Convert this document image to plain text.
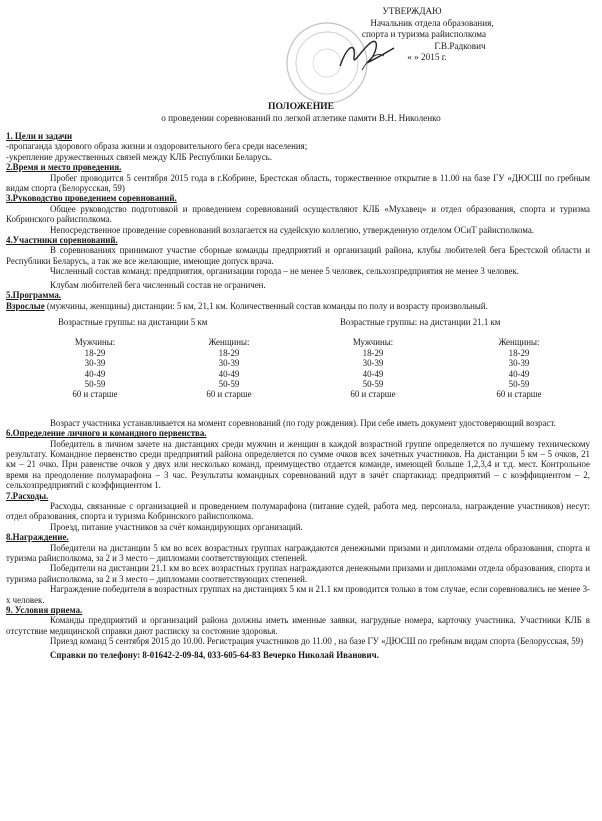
УТВЕРЖДАЮ
Начальник отдела образования,
спорта и туризма райисполкома
Г.В.Радкович
« » 2015 г.
ПОЛОЖЕНИЕ
о проведении соревнований по легкой атлетике памяти В.Н. Николенко
1. Цели и задачи

-пропаганда здорового образа жизни и оздоровительного бега среди населения;

-укрепление дружественных связей между КЛБ Республики Беларусь.

2.Время и место проведения.

Пробег проводится 5 сентября 2015 года в г.Кобрине, Брестская область, торжественное открытие в 11.00 на базе ГУ «ДЮСШ по гребным видам спорта (Белорусская, 59)

3.Руководство проведением соревнований.

Общее руководство подготовкой и проведением соревнований осуществляют КЛБ «Мухавец» и отдел образования, спорта и туризма Кобринского райисполкома.

Непосредственное проведение соревнований возлагается на судейскую коллегию, утвержденную отделом ОСиТ райисполкома.

4.Участники соревнований.

В соревнованиях принимают участие сборные команды предприятий и организаций района, клубы любителей бега Брестской области и Республики Беларусь, а так же все желающие, имеющие допуск врача.

Численный состав команд: предприятия, организации города – не менее 5 человек, сельхозпредприятия не менее 3 человек.

Клубам любителей бега численный состав не ограничен.

5.Программа.

Взрослые (мужчины, женщины) дистанции: 5 км, 21,1 км. Количественный состав команды по полу и возрасту произвольный.

Возрастные группы: на дистанции 5 км	Возрастные группы: на дистанции 21.1 км
Мужчины:
18-29
30-39
40-49
50-59
60 и старше
Женщины:
18-29
30-39
40-49
50-59
60 и старше
Мужчины:
18-29
30-39
40-49
50-59
60 и старше
Женщины:
18-29
30-39
40-49
50-59
60 и старше

Возраст участника устанавливается на момент соревнований (по году рождения). При себе иметь документ удостоверяющий возраст.

6.Определение личного и командного первенства.

Победитель в личном зачете на дистанциях среди мужчин и женщин в каждой возрастной группе определяется по лучшему техническому результату. Командное первенство среди предприятий района определяется по сумме очков всех зачетных участников. На дистанции 5 км – 5 очков, 21 км – 21 очко. При равенстве очков у двух или несколько команд, преимущество отдается команде, имеющей больше 1,2,3,4 и т.д. мест. Контрольное время на преодоление полумарафона – 3 час. Результаты командных соревнований идут в зачёт спартакиад: предприятий – с коэффициентом – 2, сельхозпредприятий с коэффициентом 1.

7.Расходы.

Расходы, связанные с организацией и проведением полумарафона (питание судей, работа мед. персонала, награждение участников) несут: отдел образования, спорта и туризма Кобринского райисполкома.

Проезд, питание участников за счёт командирующих организаций.

8.Награждение.

Победители на дистанции 5 км во всех возрастных группах награждаются денежными призами и дипломами отдела образования, спорта и туризма райисполкома, за 2 и 3 место – дипломами соответствующих степеней.

Победители на дистанции 21.1 км во всех возрастных группах награждаются денежными призами и дипломами отдела образования, спорта и туризма райисполкома, за 2 и 3 место – дипломами соответствующих степеней.

Награждение победителя в возрастных группах на дистанциях 5 км и 21.1 км проводится только в том случае, если соревновались не менее 3-х человек.

9. Условия приема.

Команды предприятий и организаций района должны иметь именные заявки, нагрудные номера, карточку участника. Участники КЛБ в отсутствие медицинской справки дают расписку за состояние здоровья.

Приезд команд 5 сентября 2015 до 10.00. Регистрация участников до 11.00 , на базе ГУ «ДЮСШ по гребным видам спорта (Белорусская, 59)

Справки по телефону: 8-01642-2-09-84, 033-605-64-83 Вечерко Николай Иванович.
